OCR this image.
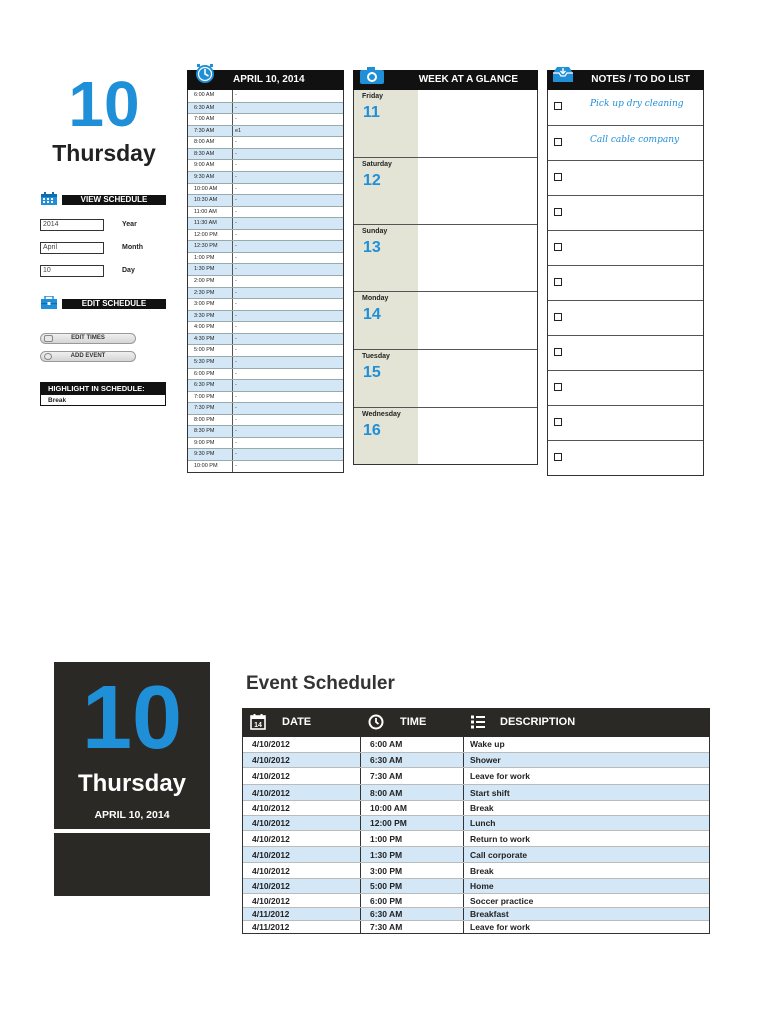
10
Thursday
VIEW SCHEDULE
2014	Year
April	Month
10	Day
EDIT SCHEDULE
EDIT TIMES
ADD EVENT
HIGHLIGHT IN SCHEDULE:
Break
APRIL 10, 2014
6:00 AM	-
6:30 AM	-
7:00 AM	-
7:30 AM	e1
8:00 AM	-
8:30 AM	-
9:00 AM	-
9:30 AM	-
10:00 AM	-
10:30 AM	-
11:00 AM	-
11:30 AM	-
12:00 PM	-
12:30 PM	-
1:00 PM	-
1:30 PM	-
2:00 PM	-
2:30 PM	-
3:00 PM	-
3:30 PM	-
4:00 PM	-
4:30 PM	-
5:00 PM	-
5:30 PM	-
6:00 PM	-
6:30 PM	-
7:00 PM	-
7:30 PM	-
8:00 PM	-
8:30 PM	-
9:00 PM	-
9:30 PM	-
10:00 PM	-
WEEK AT A GLANCE
Friday
11
Saturday
12
Sunday
13
Monday
14
Tuesday
15
Wednesday
16
NOTES / TO DO LIST
Pick up dry cleaning
Call cable company
10
Thursday
APRIL 10, 2014
Event Scheduler
14 DATE	TIME	DESCRIPTION
4/10/2012	6:00 AM	Wake up
4/10/2012	6:30 AM	Shower
4/10/2012	7:30 AM	Leave for work
4/10/2012	8:00 AM	Start shift
4/10/2012	10:00 AM	Break
4/10/2012	12:00 PM	Lunch
4/10/2012	1:00 PM	Return to work
4/10/2012	1:30 PM	Call corporate
4/10/2012	3:00 PM	Break
4/10/2012	5:00 PM	Home
4/10/2012	6:00 PM	Soccer practice
4/11/2012	6:30 AM	Breakfast
4/11/2012	7:30 AM	Leave for work
